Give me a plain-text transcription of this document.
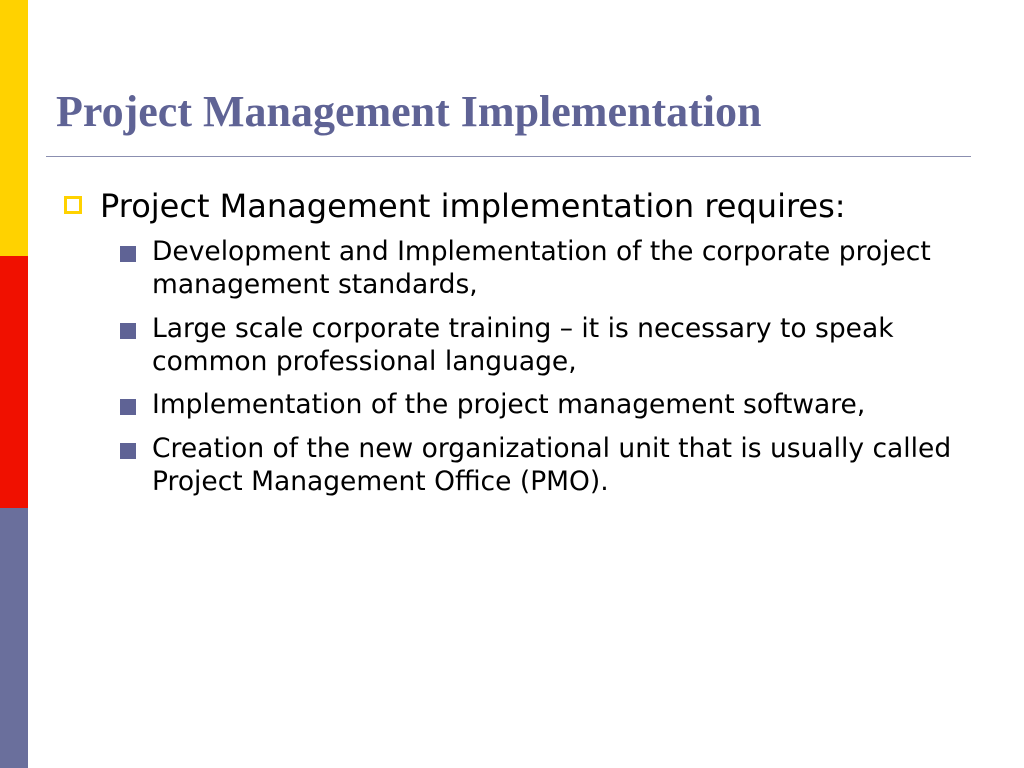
Project Management Implementation
Project Management implementation requires:
Development and Implementation of the corporate project management standards,
Large scale corporate training – it is necessary to speak common professional language,
Implementation of the project management software,
Creation of the new organizational unit that is usually called Project Management Office (PMO).
